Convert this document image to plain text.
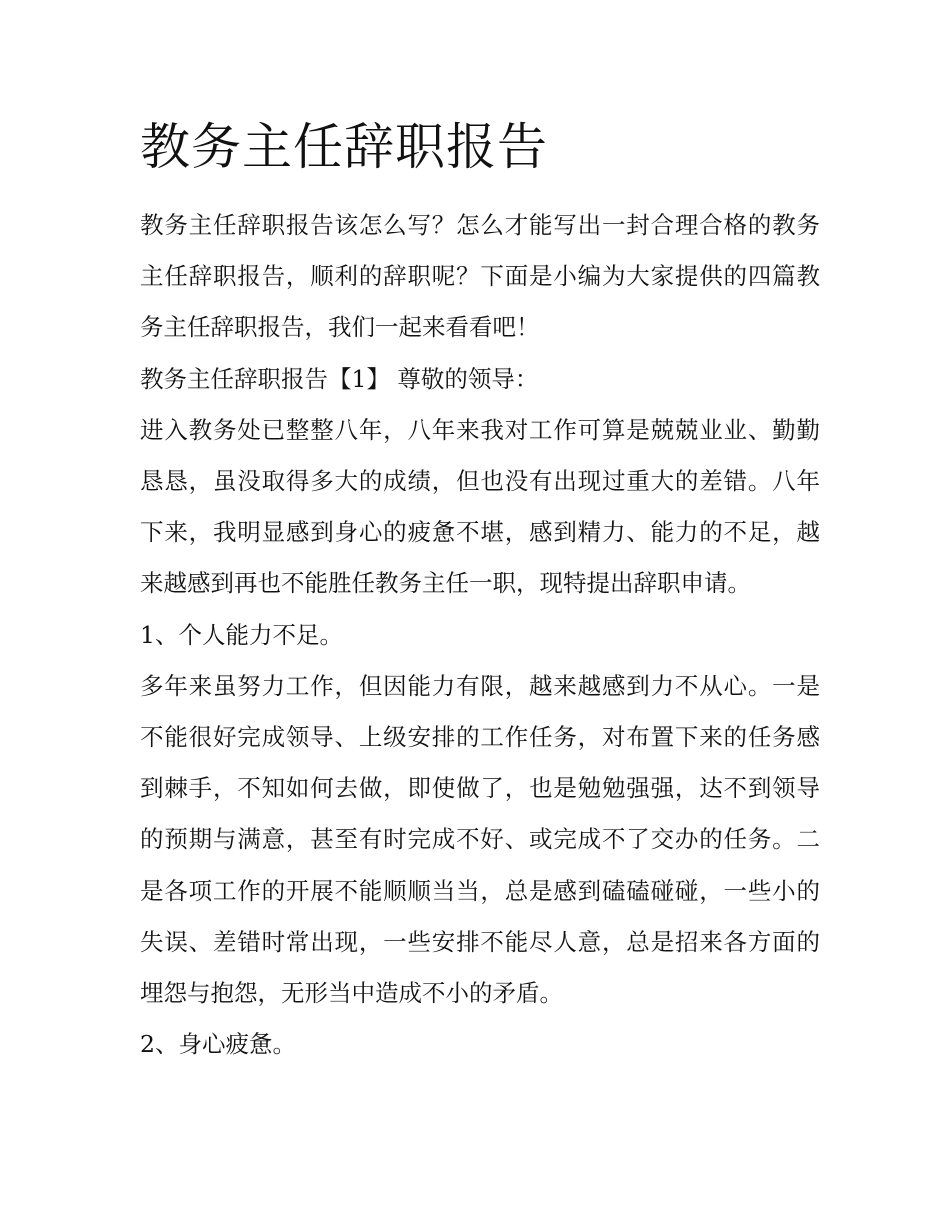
教务主任辞职报告

教务主任辞职报告该怎么写？怎么才能写出一封合理合格的教务主任辞职报告，顺利的辞职呢？下面是小编为大家提供的四篇教务主任辞职报告，我们一起来看看吧！

教务主任辞职报告【1】 尊敬的领导：

进入教务处已整整八年，八年来我对工作可算是兢兢业业、勤勤恳恳，虽没取得多大的成绩，但也没有出现过重大的差错。八年下来，我明显感到身心的疲惫不堪，感到精力、能力的不足，越来越感到再也不能胜任教务主任一职，现特提出辞职申请。

1、个人能力不足。

多年来虽努力工作，但因能力有限，越来越感到力不从心。一是不能很好完成领导、上级安排的工作任务，对布置下来的任务感到棘手，不知如何去做，即使做了，也是勉勉强强，达不到领导的预期与满意，甚至有时完成不好、或完成不了交办的任务。二是各项工作的开展不能顺顺当当，总是感到磕磕碰碰，一些小的失误、差错时常出现，一些安排不能尽人意，总是招来各方面的埋怨与抱怨，无形当中造成不小的矛盾。

2、身心疲惫。
